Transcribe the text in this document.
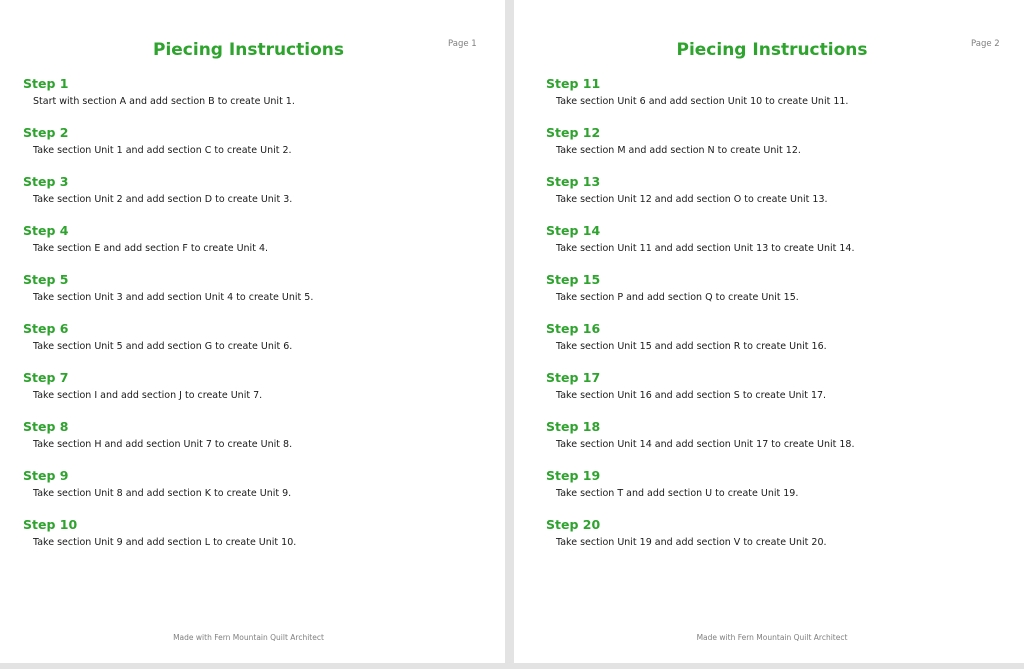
Piecing Instructions	Page 1
Step 1
Start with section A and add section B to create Unit 1.
Step 2
Take section Unit 1 and add section C to create Unit 2.
Step 3
Take section Unit 2 and add section D to create Unit 3.
Step 4
Take section E and add section F to create Unit 4.
Step 5
Take section Unit 3 and add section Unit 4 to create Unit 5.
Step 6
Take section Unit 5 and add section G to create Unit 6.
Step 7
Take section I and add section J to create Unit 7.
Step 8
Take section H and add section Unit 7 to create Unit 8.
Step 9
Take section Unit 8 and add section K to create Unit 9.
Step 10
Take section Unit 9 and add section L to create Unit 10.
Made with Fern Mountain Quilt Architect
Piecing Instructions	Page 2
Step 11
Take section Unit 6 and add section Unit 10 to create Unit 11.
Step 12
Take section M and add section N to create Unit 12.
Step 13
Take section Unit 12 and add section O to create Unit 13.
Step 14
Take section Unit 11 and add section Unit 13 to create Unit 14.
Step 15
Take section P and add section Q to create Unit 15.
Step 16
Take section Unit 15 and add section R to create Unit 16.
Step 17
Take section Unit 16 and add section S to create Unit 17.
Step 18
Take section Unit 14 and add section Unit 17 to create Unit 18.
Step 19
Take section T and add section U to create Unit 19.
Step 20
Take section Unit 19 and add section V to create Unit 20.
Made with Fern Mountain Quilt Architect
